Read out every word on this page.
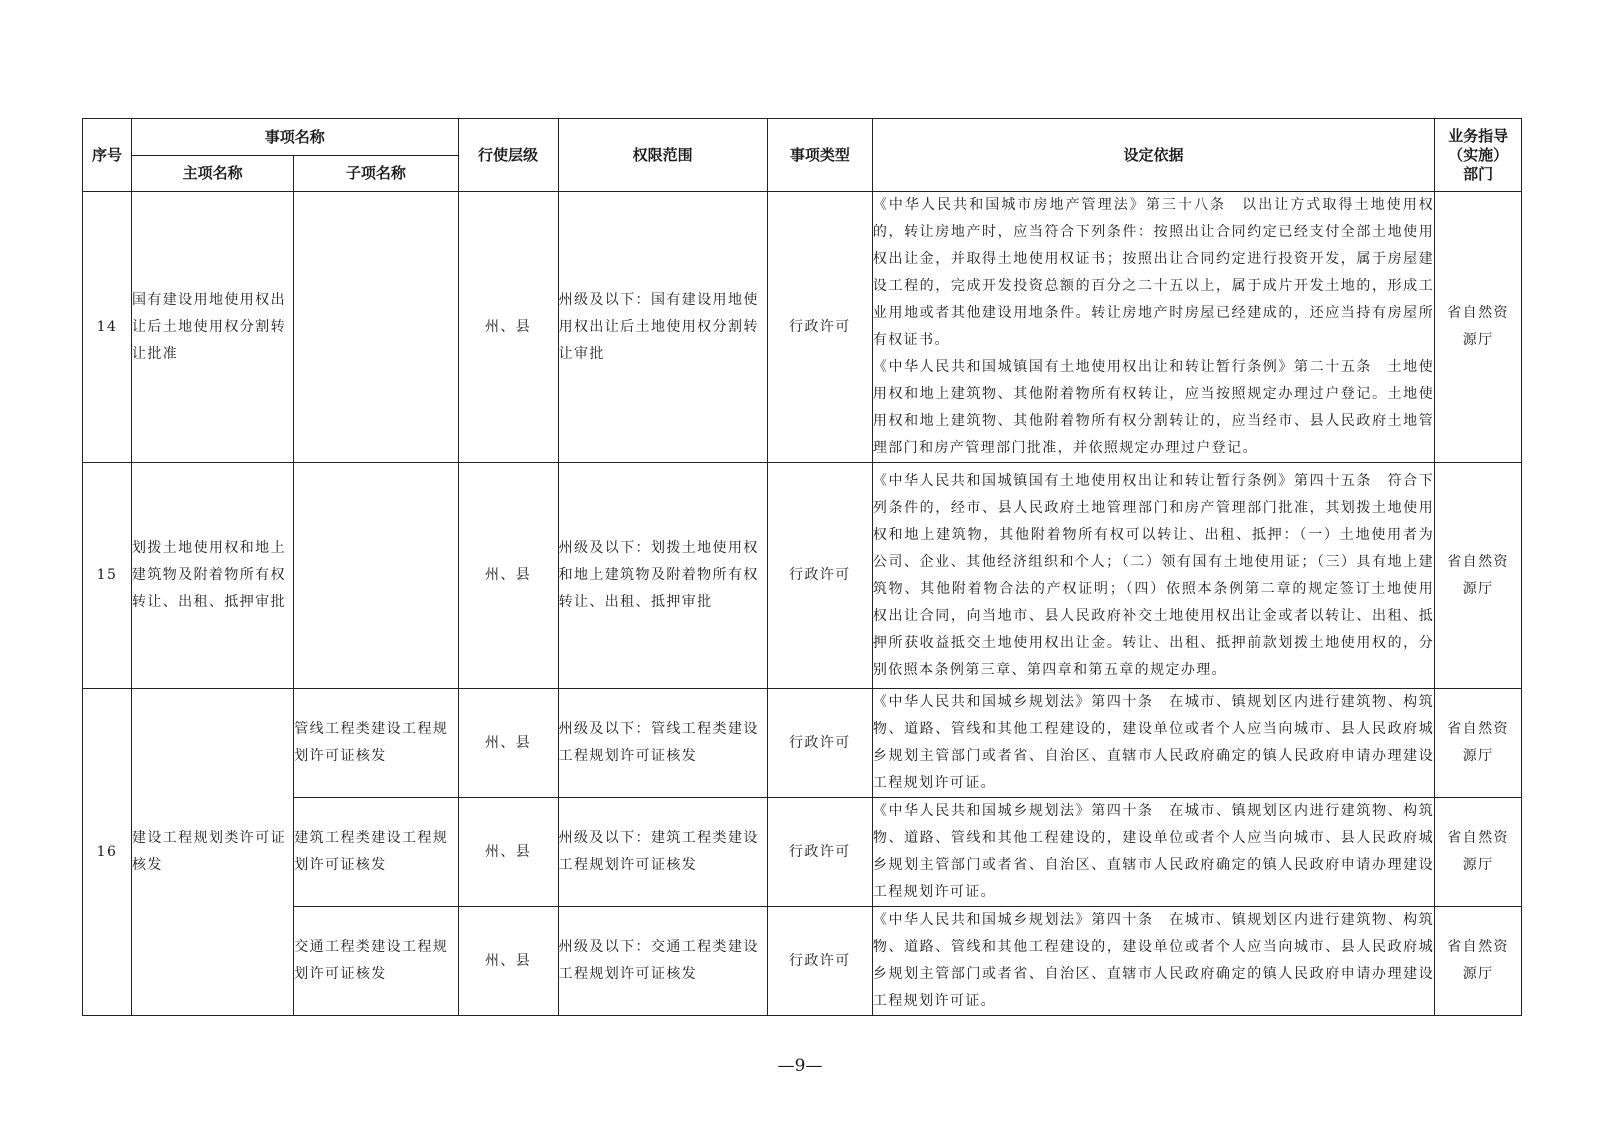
序号	事项名称		行使层级	权限范围	事项类型	设定依据	业务指导（实施）部门
	主项名称	子项名称					
14	国有建设用地使用权出让后土地使用权分割转让批准		州、县	州级及以下：国有建设用地使用权出让后土地使用权分割转让审批	行政许可	《中华人民共和国城市房地产管理法》第三十八条　以出让方式取得土地使用权的，转让房地产时，应当符合下列条件：按照出让合同约定已经支付全部土地使用权出让金，并取得土地使用权证书；按照出让合同约定进行投资开发，属于房屋建设工程的，完成开发投资总额的百分之二十五以上，属于成片开发土地的，形成工业用地或者其他建设用地条件。转让房地产时房屋已经建成的，还应当持有房屋所有权证书。
《中华人民共和国城镇国有土地使用权出让和转让暂行条例》第二十五条　土地使用权和地上建筑物、其他附着物所有权转让，应当按照规定办理过户登记。土地使用权和地上建筑物、其他附着物所有权分割转让的，应当经市、县人民政府土地管理部门和房产管理部门批准，并依照规定办理过户登记。	省自然资源厅
15	划拨土地使用权和地上建筑物及附着物所有权转让、出租、抵押审批		州、县	州级及以下：划拨土地使用权和地上建筑物及附着物所有权转让、出租、抵押审批	行政许可	《中华人民共和国城镇国有土地使用权出让和转让暂行条例》第四十五条　符合下列条件的，经市、县人民政府土地管理部门和房产管理部门批准，其划拨土地使用权和地上建筑物，其他附着物所有权可以转让、出租、抵押：（一）土地使用者为公司、企业、其他经济组织和个人；（二）领有国有土地使用证；（三）具有地上建筑物、其他附着物合法的产权证明；（四）依照本条例第二章的规定签订土地使用权出让合同，向当地市、县人民政府补交土地使用权出让金或者以转让、出租、抵押所获收益抵交土地使用权出让金。转让、出租、抵押前款划拨土地使用权的，分别依照本条例第三章、第四章和第五章的规定办理。	省自然资源厅
16	建设工程规划类许可证核发	管线工程类建设工程规划许可证核发	州、县	州级及以下：管线工程类建设工程规划许可证核发	行政许可	《中华人民共和国城乡规划法》第四十条　在城市、镇规划区内进行建筑物、构筑物、道路、管线和其他工程建设的，建设单位或者个人应当向城市、县人民政府城乡规划主管部门或者省、自治区、直辖市人民政府确定的镇人民政府申请办理建设工程规划许可证。	省自然资源厅
		建筑工程类建设工程规划许可证核发	州、县	州级及以下：建筑工程类建设工程规划许可证核发	行政许可	《中华人民共和国城乡规划法》第四十条　在城市、镇规划区内进行建筑物、构筑物、道路、管线和其他工程建设的，建设单位或者个人应当向城市、县人民政府城乡规划主管部门或者省、自治区、直辖市人民政府确定的镇人民政府申请办理建设工程规划许可证。	省自然资源厅
		交通工程类建设工程规划许可证核发	州、县	州级及以下：交通工程类建设工程规划许可证核发	行政许可	《中华人民共和国城乡规划法》第四十条　在城市、镇规划区内进行建筑物、构筑物、道路、管线和其他工程建设的，建设单位或者个人应当向城市、县人民政府城乡规划主管部门或者省、自治区、直辖市人民政府确定的镇人民政府申请办理建设工程规划许可证。	省自然资源厅
—9—
